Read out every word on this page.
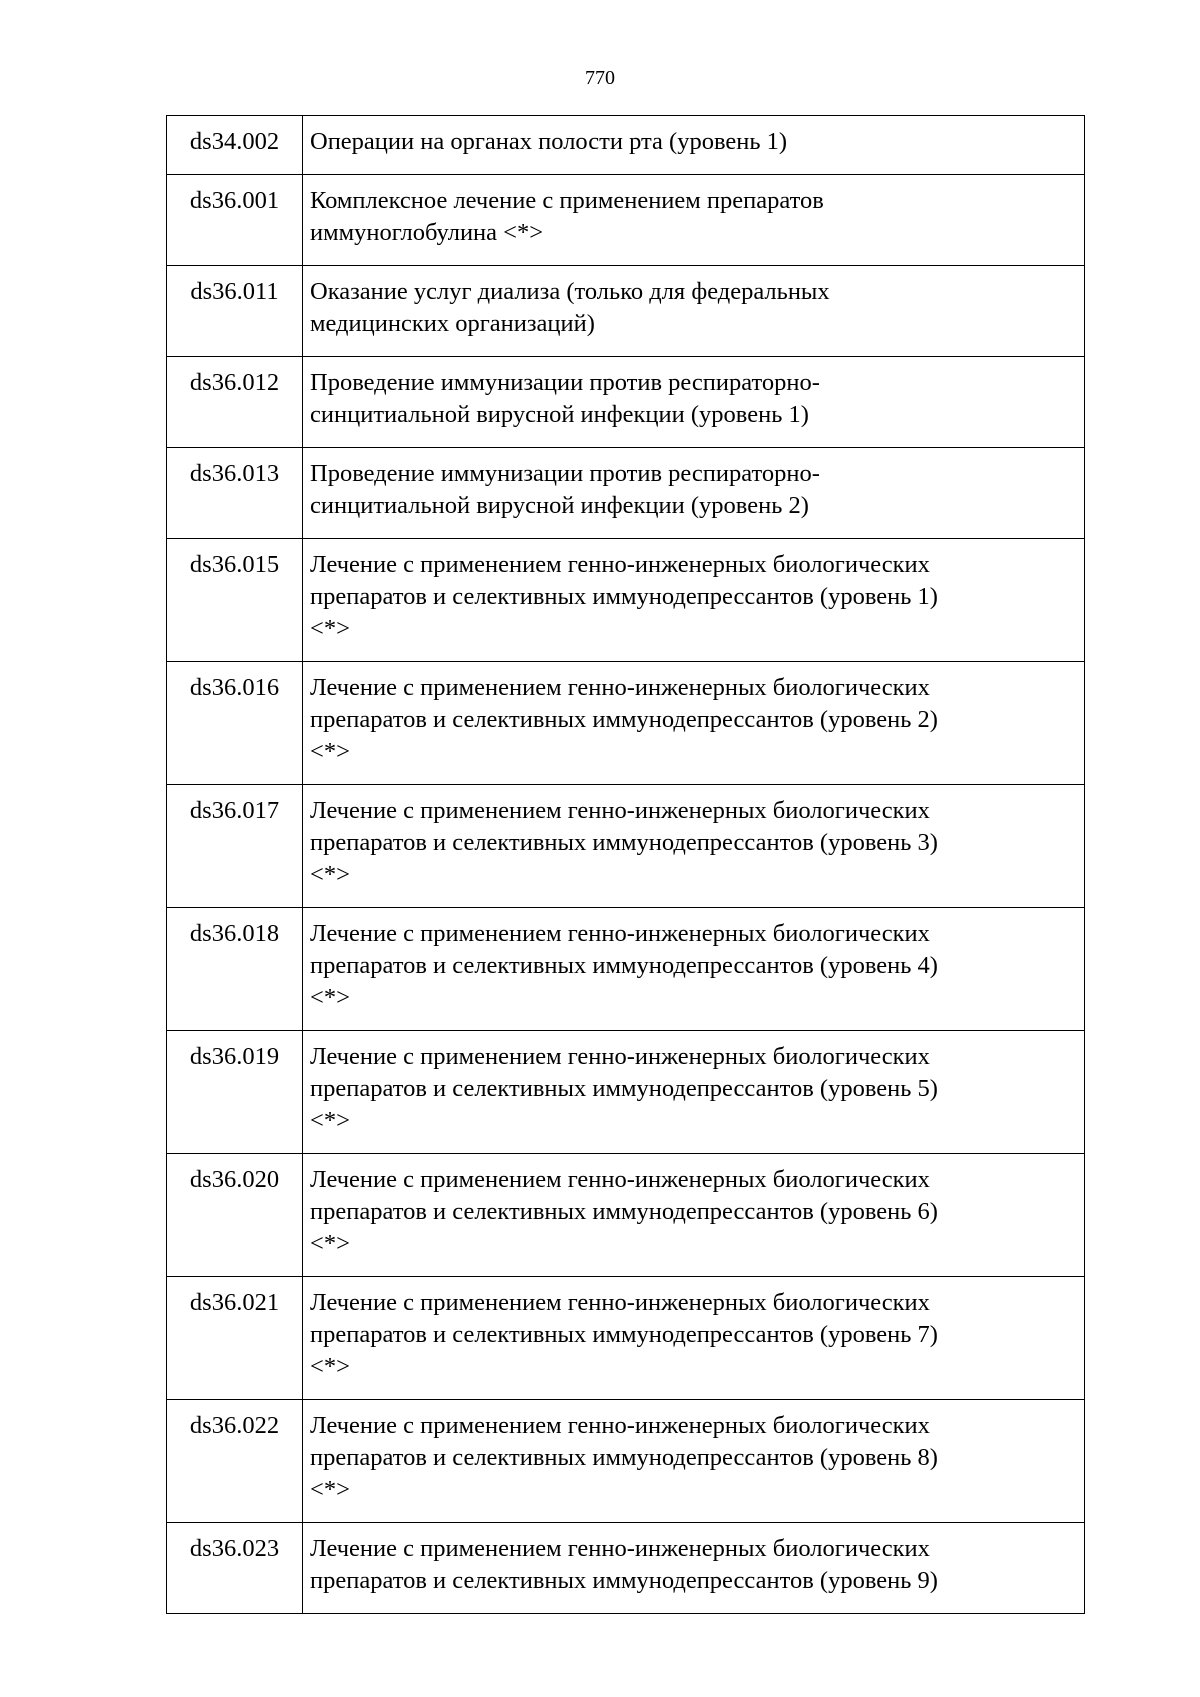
770
ds34.002	Операции на органах полости рта (уровень 1)

ds36.001	Комплексное лечение с применением препаратов
иммуноглобулина <*>

ds36.011	Оказание услуг диализа (только для федеральных
медицинских организаций)

ds36.012	Проведение иммунизации против респираторно-
синцитиальной вирусной инфекции (уровень 1)

ds36.013	Проведение иммунизации против респираторно-
синцитиальной вирусной инфекции (уровень 2)

ds36.015	Лечение с применением генно-инженерных биологических
препаратов и селективных иммунодепрессантов (уровень 1)
<*>

ds36.016	Лечение с применением генно-инженерных биологических
препаратов и селективных иммунодепрессантов (уровень 2)
<*>

ds36.017	Лечение с применением генно-инженерных биологических
препаратов и селективных иммунодепрессантов (уровень 3)
<*>

ds36.018	Лечение с применением генно-инженерных биологических
препаратов и селективных иммунодепрессантов (уровень 4)
<*>

ds36.019	Лечение с применением генно-инженерных биологических
препаратов и селективных иммунодепрессантов (уровень 5)
<*>

ds36.020	Лечение с применением генно-инженерных биологических
препаратов и селективных иммунодепрессантов (уровень 6)
<*>

ds36.021	Лечение с применением генно-инженерных биологических
препаратов и селективных иммунодепрессантов (уровень 7)
<*>

ds36.022	Лечение с применением генно-инженерных биологических
препаратов и селективных иммунодепрессантов (уровень 8)
<*>

ds36.023	Лечение с применением генно-инженерных биологических
препаратов и селективных иммунодепрессантов (уровень 9)
